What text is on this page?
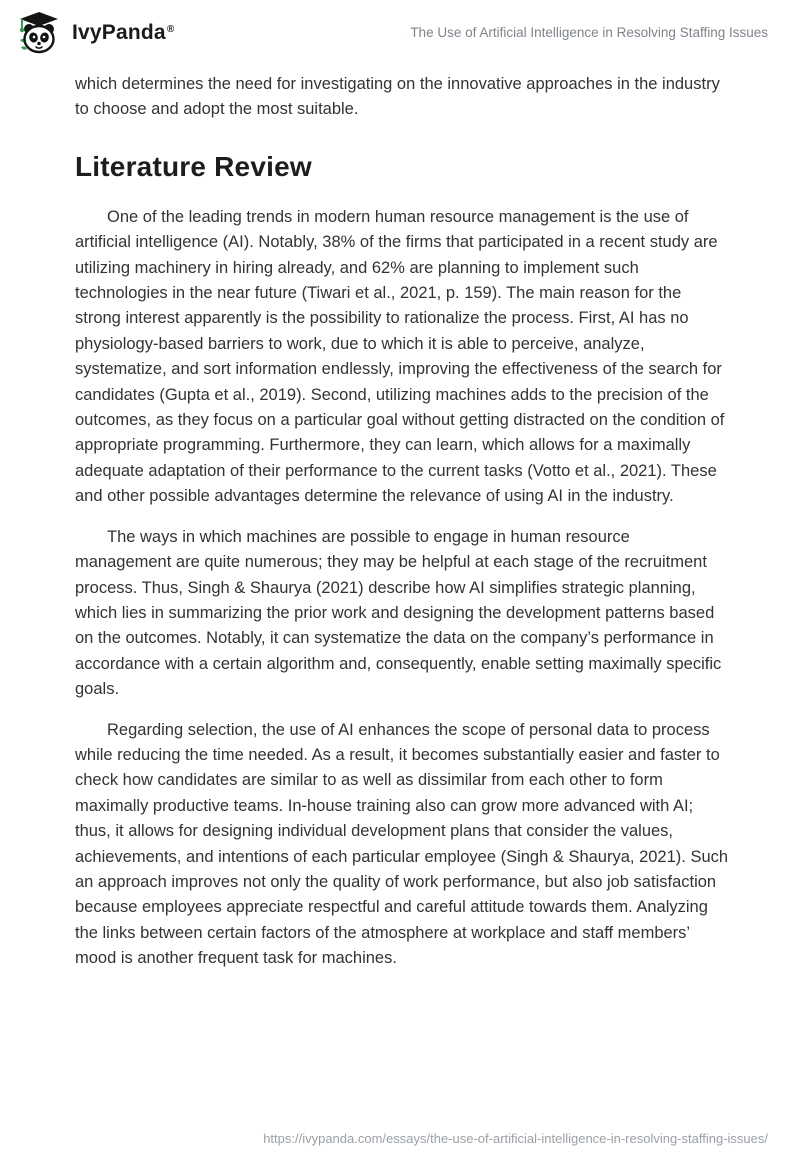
IvyPanda®	The Use of Artificial Intelligence in Resolving Staffing Issues

which determines the need for investigating on the innovative approaches in the industry to choose and adopt the most suitable.

Literature Review

One of the leading trends in modern human resource management is the use of artificial intelligence (AI). Notably, 38% of the firms that participated in a recent study are utilizing machinery in hiring already, and 62% are planning to implement such technologies in the near future (Tiwari et al., 2021, p. 159). The main reason for the strong interest apparently is the possibility to rationalize the process. First, AI has no physiology-based barriers to work, due to which it is able to perceive, analyze, systematize, and sort information endlessly, improving the effectiveness of the search for candidates (Gupta et al., 2019). Second, utilizing machines adds to the precision of the outcomes, as they focus on a particular goal without getting distracted on the condition of appropriate programming. Furthermore, they can learn, which allows for a maximally adequate adaptation of their performance to the current tasks (Votto et al., 2021). These and other possible advantages determine the relevance of using AI in the industry.

The ways in which machines are possible to engage in human resource management are quite numerous; they may be helpful at each stage of the recruitment process. Thus, Singh & Shaurya (2021) describe how AI simplifies strategic planning, which lies in summarizing the prior work and designing the development patterns based on the outcomes. Notably, it can systematize the data on the company’s performance in accordance with a certain algorithm and, consequently, enable setting maximally specific goals.

Regarding selection, the use of AI enhances the scope of personal data to process while reducing the time needed. As a result, it becomes substantially easier and faster to check how candidates are similar to as well as dissimilar from each other to form maximally productive teams. In-house training also can grow more advanced with AI; thus, it allows for designing individual development plans that consider the values, achievements, and intentions of each particular employee (Singh & Shaurya, 2021). Such an approach improves not only the quality of work performance, but also job satisfaction because employees appreciate respectful and careful attitude towards them. Analyzing the links between certain factors of the atmosphere at workplace and staff members’ mood is another frequent task for machines.

https://ivypanda.com/essays/the-use-of-artificial-intelligence-in-resolving-staffing-issues/
